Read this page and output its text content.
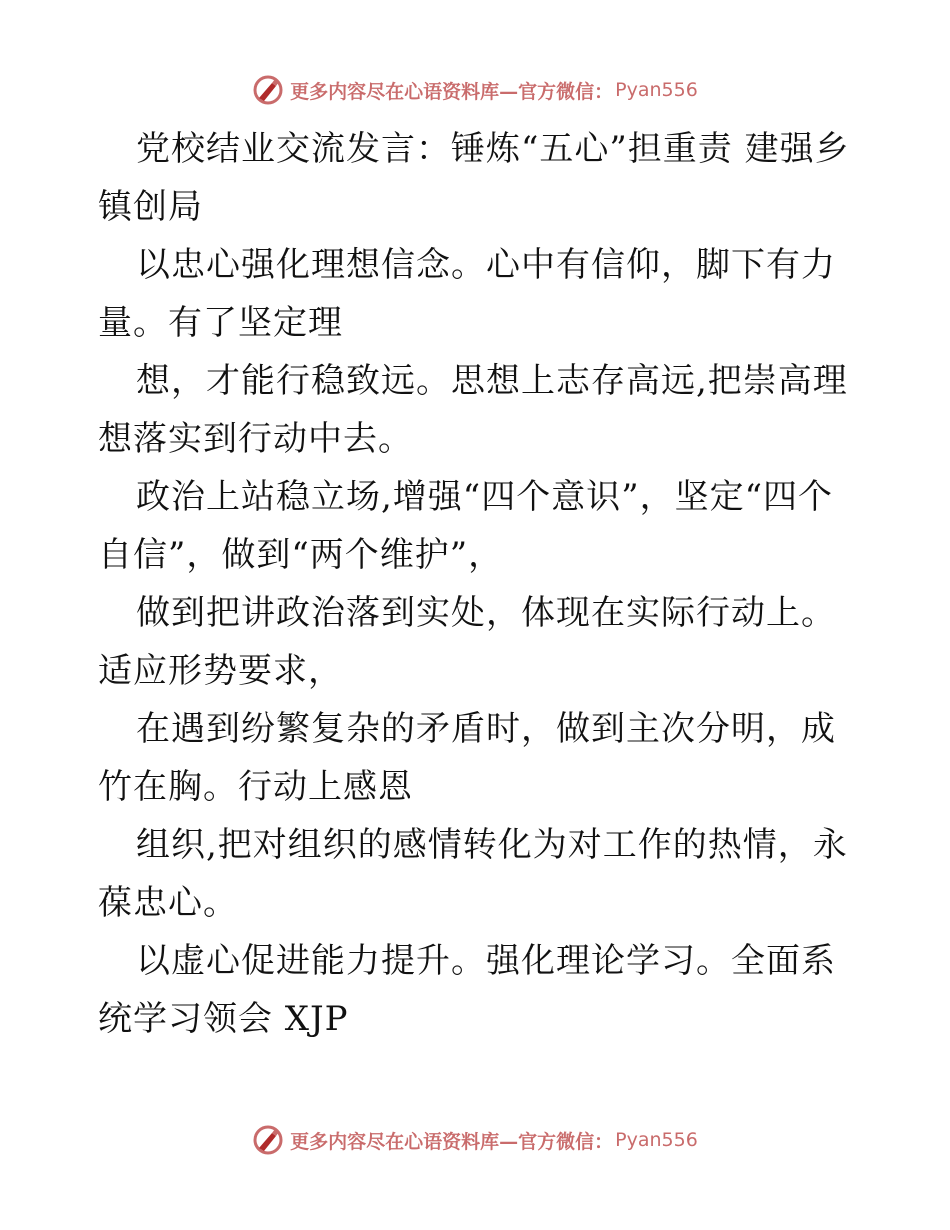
更多内容尽在心语资料库—官方微信： Pyan556

党校结业交流发言：锤炼“五心”担重责 建强乡镇创局

以忠心强化理想信念。心中有信仰，脚下有力量。有了坚定理

想，才能行稳致远。思想上志存高远,把崇高理想落实到行动中去。

政治上站稳立场,增强“四个意识”，坚定“四个自信”，做到“两个维护”，

做到把讲政治落到实处，体现在实际行动上。适应形势要求，

在遇到纷繁复杂的矛盾时，做到主次分明，成竹在胸。行动上感恩

组织,把对组织的感情转化为对工作的热情，永葆忠心。

以虚心促进能力提升。强化理论学习。全面系统学习领会 XJP

更多内容尽在心语资料库—官方微信： Pyan556
